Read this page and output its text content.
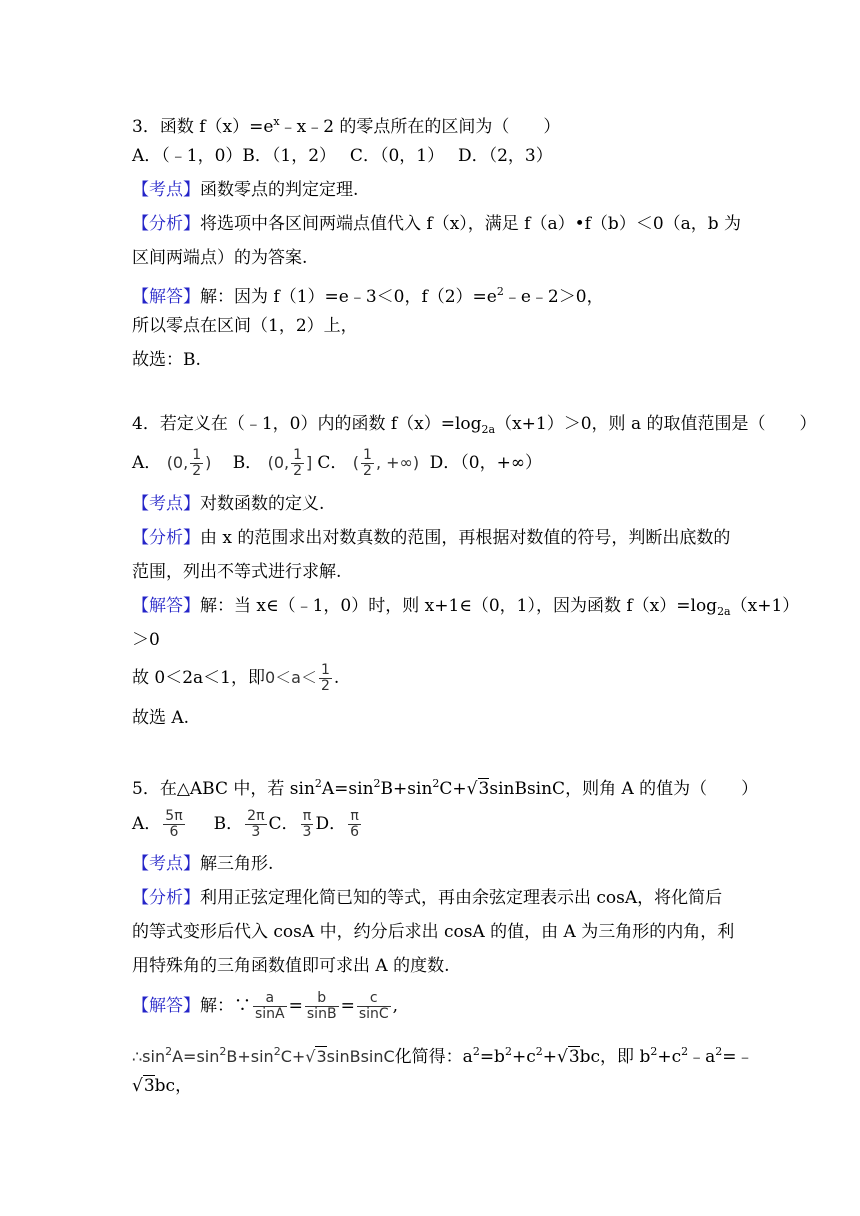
3．函数 $f(x)=e^x﹣x﹣2$ 的零点所在的区间为（　　）
A．（﹣1，0）B．（1，2）　 C．（0，1）　 D．（2，3）
【考点】函数零点的判定定理.
【分析】将选项中各区间两端点值代入 f（x），满足 f（a）•f（b）＜0（a，b 为
区间两端点）的为答案.
【解答】解：因为 f（1）=e﹣3＜0，$f(2)=e^2﹣e﹣2>0$，
所以零点在区间（1，2）上，
故选：B.
4．若定义在（﹣1，0）内的函数 $f(x)=\log_{2a}(x+1)>0$，则 a 的取值范围是（　　）
A． (0, $\frac{1}{2}$ ) B． (0, $\frac{1}{2}$ ] C． ( $\frac{1}{2}$ , +∞) D．（0，+∞）
【考点】对数函数的定义.
【分析】由 x 的范围求出对数真数的范围，再根据对数值的符号，判断出底数的
范围，列出不等式进行求解.
【解答】解：当 x∈（﹣1，0）时，则 x+1∈（0，1），因为函数 $f(x)=\log_{2a}(x+1)$
＞0
故 0＜2a＜1，即$0<a< \frac{1}{2}$ .
故选 A.
5．在△ABC 中，若 $\sin^2A=\sin^2B+\sin^2C+√3sinBsinC$，则角 A 的值为（　　）
A． $\frac{5\pi}{6}$ B． $\frac{2\pi}{3}$ C． $\frac{\pi}{3}$ D． $\frac{\pi}{6}$
【考点】解三角形.
【分析】利用正弦定理化简已知的等式，再由余弦定理表示出 cosA，将化简后
的等式变形后代入 cosA 中，约分后求出 cosA 的值，由 A 为三角形的内角，利
用特殊角的三角函数值即可求出 A 的度数.
【解答】解：∵ $\frac{a}{\sin A} = \frac{b}{\sin B} = \frac{c}{\sin C}$ ,
$\therefore\sin^2A=\sin^2B+\sin^2C+√3sinBsinC$化简得：$a^2=b^2+c^2+√3bc$，即 $b^2+c^2﹣a^2=﹣$
√3bc，
